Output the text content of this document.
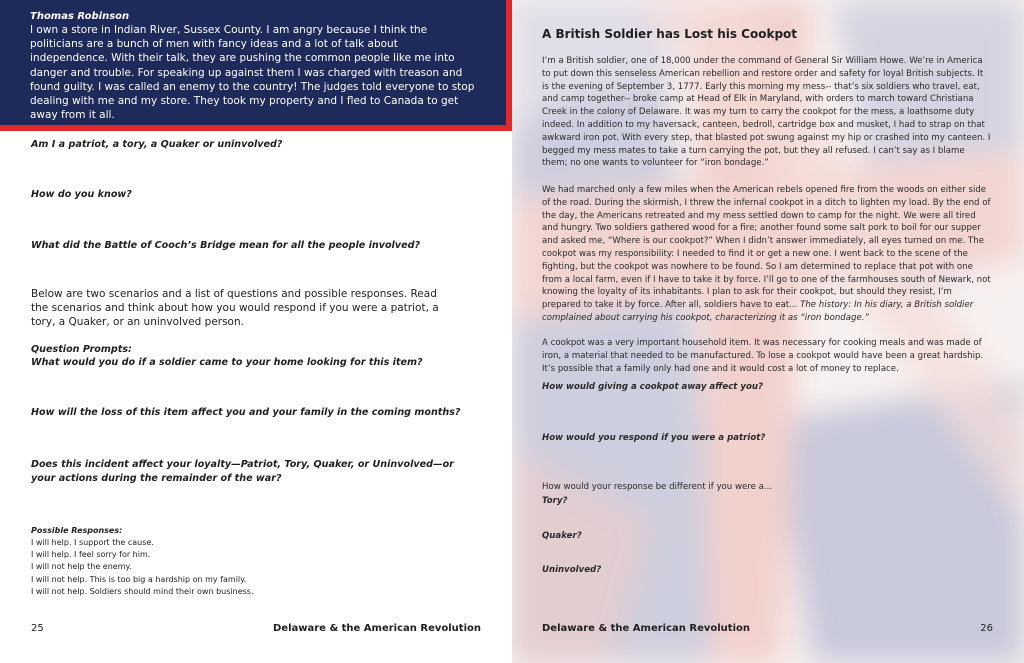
Thomas Robinson
I own a store in Indian River, Sussex County. I am angry because I think the politicians are a bunch of men with fancy ideas and a lot of talk about independence. With their talk, they are pushing the common people like me into danger and trouble. For speaking up against them I was charged with treason and found guilty. I was called an enemy to the country! The judges told everyone to stop dealing with me and my store. They took my property and I fled to Canada to get away from it all.
Am I a patriot, a tory, a Quaker or uninvolved?
How do you know?
What did the Battle of Cooch’s Bridge mean for all the people involved?
Below are two scenarios and a list of questions and possible responses. Read the scenarios and think about how you would respond if you were a patriot, a tory, a Quaker, or an uninvolved person.
Question Prompts:
What would you do if a soldier came to your home looking for this item?
How will the loss of this item affect you and your family in the coming months?
Does this incident affect your loyalty—Patriot, Tory, Quaker, or Uninvolved—or your actions during the remainder of the war?
Possible Responses:
I will help. I support the cause.
I will help. I feel sorry for him.
I will not help the enemy.
I will not help. This is too big a hardship on my family.
I will not help. Soldiers should mind their own business.
25	Delaware & the American Revolution
A British Soldier has Lost his Cookpot

I’m a British soldier, one of 18,000 under the command of General Sir William Howe. We’re in America to put down this senseless American rebellion and restore order and safety for loyal British subjects. It is the evening of September 3, 1777. Early this morning my mess-- that’s six soldiers who travel, eat, and camp together-- broke camp at Head of Elk in Maryland, with orders to march toward Christiana Creek in the colony of Delaware. It was my turn to carry the cookpot for the mess, a loathsome duty indeed. In addition to my haversack, canteen, bedroll, cartridge box and musket, I had to strap on that awkward iron pot. With every step, that blasted pot swung against my hip or crashed into my canteen. I begged my mess mates to take a turn carrying the pot, but they all refused. I can’t say as I blame them; no one wants to volunteer for “iron bondage.”

We had marched only a few miles when the American rebels opened fire from the woods on either side of the road. During the skirmish, I threw the infernal cookpot in a ditch to lighten my load. By the end of the day, the Americans retreated and my mess settled down to camp for the night. We were all tired and hungry. Two soldiers gathered wood for a fire; another found some salt pork to boil for our supper and asked me, “Where is our cookpot?” When I didn’t answer immediately, all eyes turned on me. The cookpot was my responsibility: I needed to find it or get a new one. I went back to the scene of the fighting, but the cookpot was nowhere to be found. So I am determined to replace that pot with one from a local farm, even if I have to take it by force. I’ll go to one of the farmhouses south of Newark, not knowing the loyalty of its inhabitants. I plan to ask for their cookpot, but should they resist, I’m prepared to take it by force. After all, soldiers have to eat... The history: In his diary, a British soldier complained about carrying his cookpot, characterizing it as “iron bondage.”

A cookpot was a very important household item. It was necessary for cooking meals and was made of iron, a material that needed to be manufactured. To lose a cookpot would have been a great hardship. It’s possible that a family only had one and it would cost a lot of money to replace.

How would giving a cookpot away affect you?
How would you respond if you were a patriot?
How would your response be different if you were a...
Tory?
Quaker?
Uninvolved?
Delaware & the American Revolution	26
